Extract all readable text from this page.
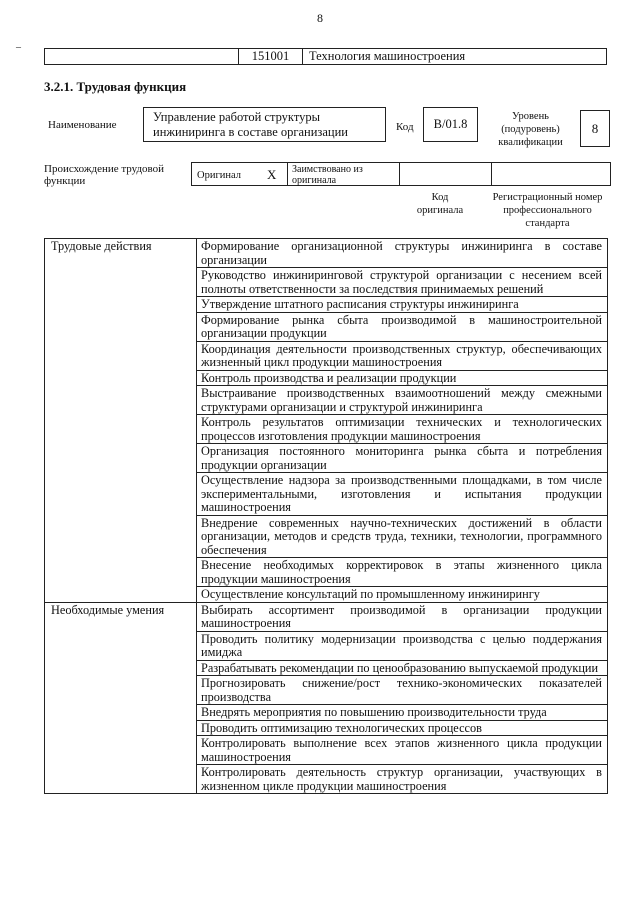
8
–
151001	Технология машиностроения
3.2.1. Трудовая функция
Наименование
Управление работой структуры инжиниринга в составе организации	Код	B/01.8
Уровень (подуровень) квалификации
8
Происхождение трудовой функции	Оригинал X	Заимствовано из оригинала
Код оригинала
Регистрационный номер профессионального стандарта
Трудовые действия	Формирование организационной структуры инжиниринга в составе организации
	Руководство инжиниринговой структурой организации с несением всей полноты ответственности за последствия принимаемых решений
	Утверждение штатного расписания структуры инжиниринга
	Формирование рынка сбыта производимой в машиностроительной организации продукции
	Координация деятельности производственных структур, обеспечивающих жизненный цикл продукции машиностроения
	Контроль производства и реализации продукции
	Выстраивание производственных взаимоотношений между смежными структурами организации и структурой инжиниринга
	Контроль результатов оптимизации технических и технологических процессов изготовления продукции машиностроения
	Организация постоянного мониторинга рынка сбыта и потребления продукции организации
	Осуществление надзора за производственными площадками, в том числе экспериментальными, изготовления и испытания продукции машиностроения
	Внедрение современных научно-технических достижений в области организации, методов и средств труда, техники, технологии, программного обеспечения
	Внесение необходимых корректировок в этапы жизненного цикла продукции машиностроения
	Осуществление консультаций по промышленному инжинирингу
Необходимые умения	Выбирать ассортимент производимой в организации продукции машиностроения
	Проводить политику модернизации производства с целью поддержания имиджа
	Разрабатывать рекомендации по ценообразованию выпускаемой продукции
	Прогнозировать снижение/рост технико-экономических показателей производства
	Внедрять мероприятия по повышению производительности труда
	Проводить оптимизацию технологических процессов
	Контролировать выполнение всех этапов жизненного цикла продукции машиностроения
	Контролировать деятельность структур организации, участвующих в жизненном цикле продукции машиностроения
